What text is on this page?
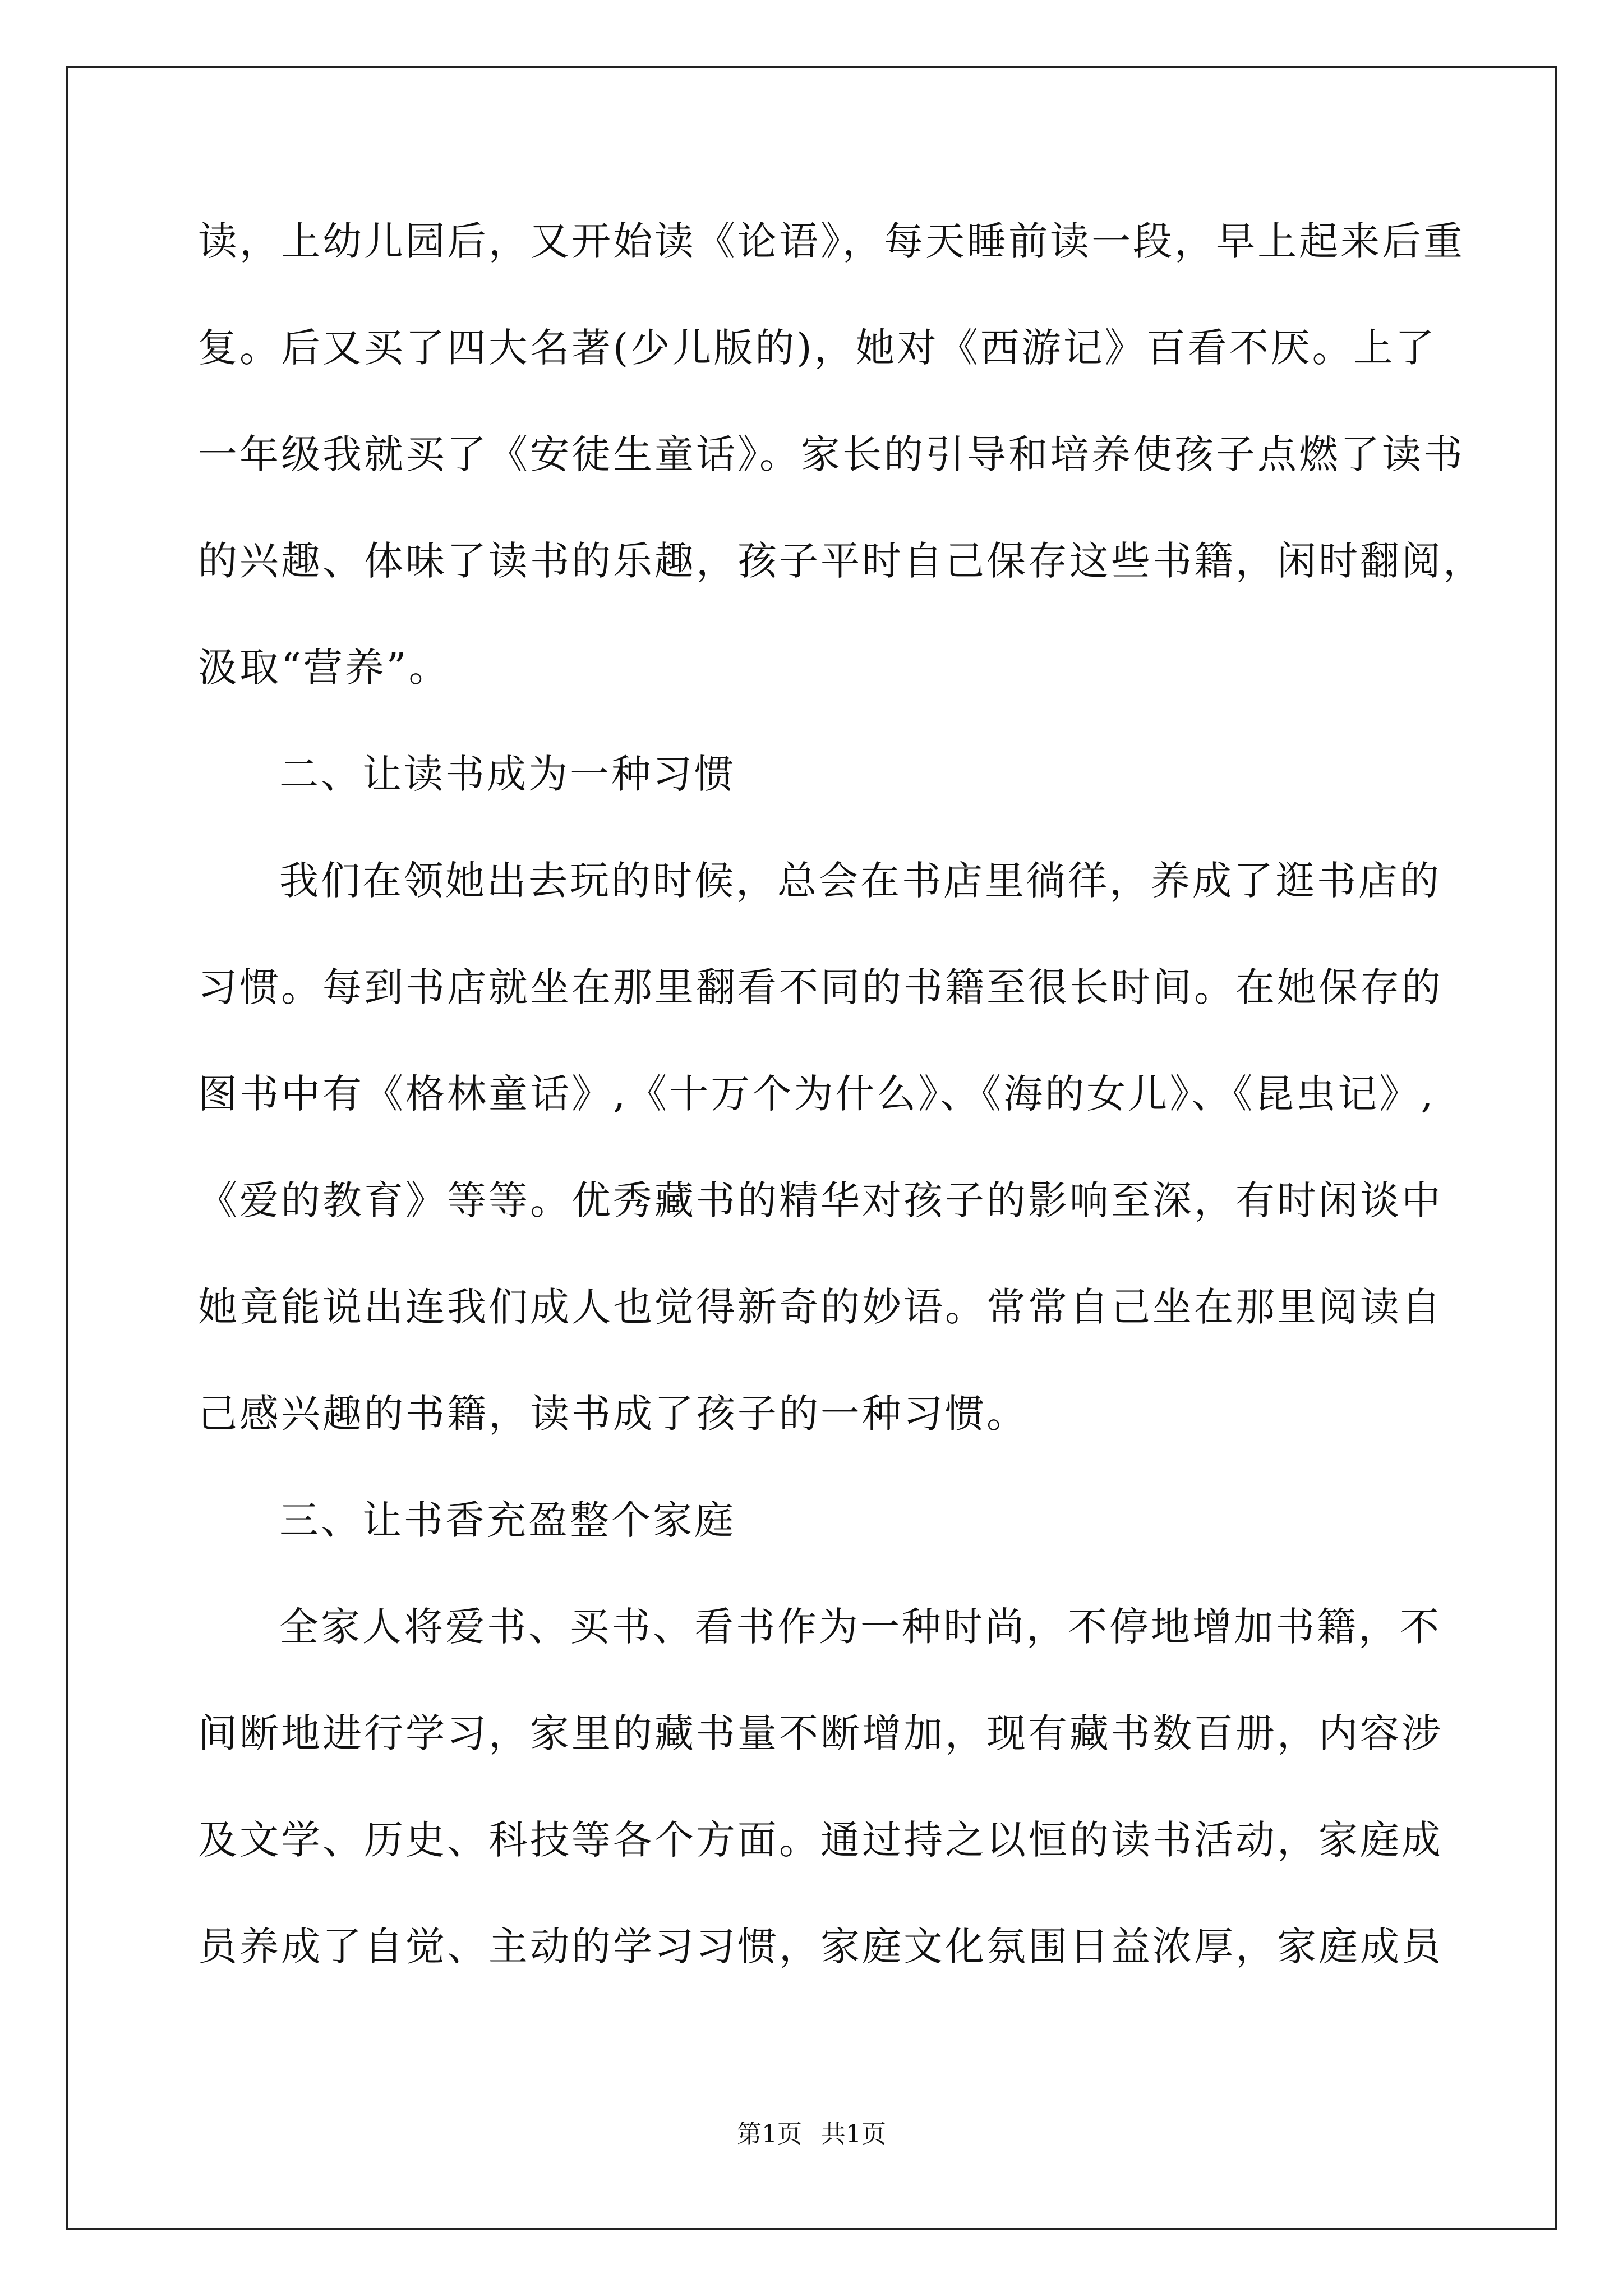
读，上幼儿园后，又开始读《论语》，每天睡前读一段，早上起来后重
复。后又买了四大名著(少儿版的)，她对《西游记》百看不厌。上了
一年级我就买了《安徒生童话》。家长的引导和培养使孩子点燃了读书
的兴趣、体味了读书的乐趣，孩子平时自己保存这些书籍，闲时翻阅，
汲取“营养”。
二、让读书成为一种习惯
我们在领她出去玩的时候，总会在书店里徜徉，养成了逛书店的
习惯。每到书店就坐在那里翻看不同的书籍至很长时间。在她保存的
图书中有《格林童话》,《十万个为什么》、《海的女儿》、《昆虫记》,
《爱的教育》等等。优秀藏书的精华对孩子的影响至深，有时闲谈中
她竟能说出连我们成人也觉得新奇的妙语。常常自己坐在那里阅读自
己感兴趣的书籍，读书成了孩子的一种习惯。
三、让书香充盈整个家庭
全家人将爱书、买书、看书作为一种时尚，不停地增加书籍，不
间断地进行学习，家里的藏书量不断增加，现有藏书数百册，内容涉
及文学、历史、科技等各个方面。通过持之以恒的读书活动，家庭成
员养成了自觉、主动的学习习惯，家庭文化氛围日益浓厚，家庭成员
第1页 共1页
